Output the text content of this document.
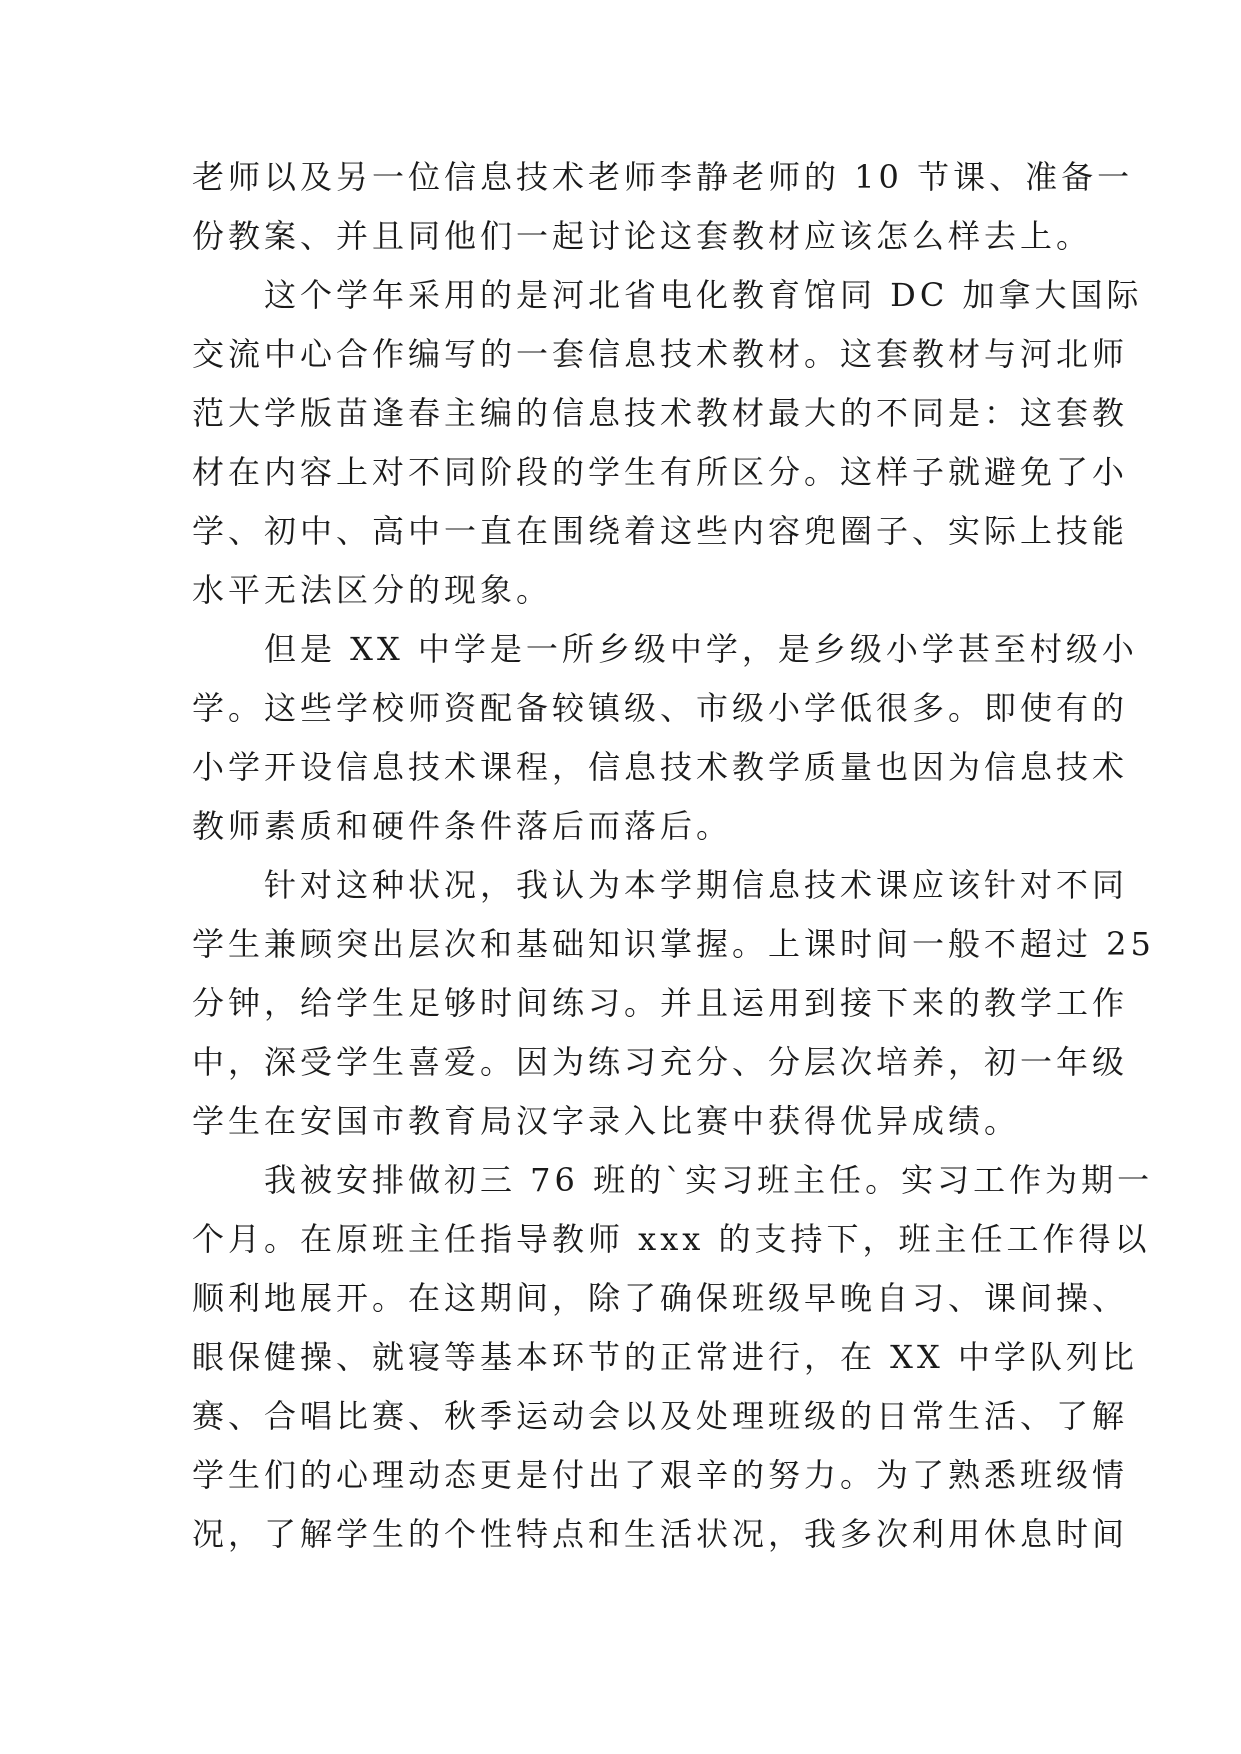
老师以及另一位信息技术老师李静老师的 10 节课、准备一
份教案、并且同他们一起讨论这套教材应该怎么样去上。
这个学年采用的是河北省电化教育馆同 DC 加拿大国际
交流中心合作编写的一套信息技术教材。这套教材与河北师
范大学版苗逢春主编的信息技术教材最大的不同是：这套教
材在内容上对不同阶段的学生有所区分。这样子就避免了小
学、初中、高中一直在围绕着这些内容兜圈子、实际上技能
水平无法区分的现象。
但是 XX 中学是一所乡级中学，是乡级小学甚至村级小
学。这些学校师资配备较镇级、市级小学低很多。即使有的
小学开设信息技术课程，信息技术教学质量也因为信息技术
教师素质和硬件条件落后而落后。
针对这种状况，我认为本学期信息技术课应该针对不同
学生兼顾突出层次和基础知识掌握。上课时间一般不超过 25
分钟，给学生足够时间练习。并且运用到接下来的教学工作
中，深受学生喜爱。因为练习充分、分层次培养，初一年级
学生在安国市教育局汉字录入比赛中获得优异成绩。
我被安排做初三 76 班的`实习班主任。实习工作为期一
个月。在原班主任指导教师 xxx 的支持下，班主任工作得以
顺利地展开。在这期间，除了确保班级早晚自习、课间操、
眼保健操、就寝等基本环节的正常进行，在 XX 中学队列比
赛、合唱比赛、秋季运动会以及处理班级的日常生活、了解
学生们的心理动态更是付出了艰辛的努力。为了熟悉班级情
况，了解学生的个性特点和生活状况，我多次利用休息时间
